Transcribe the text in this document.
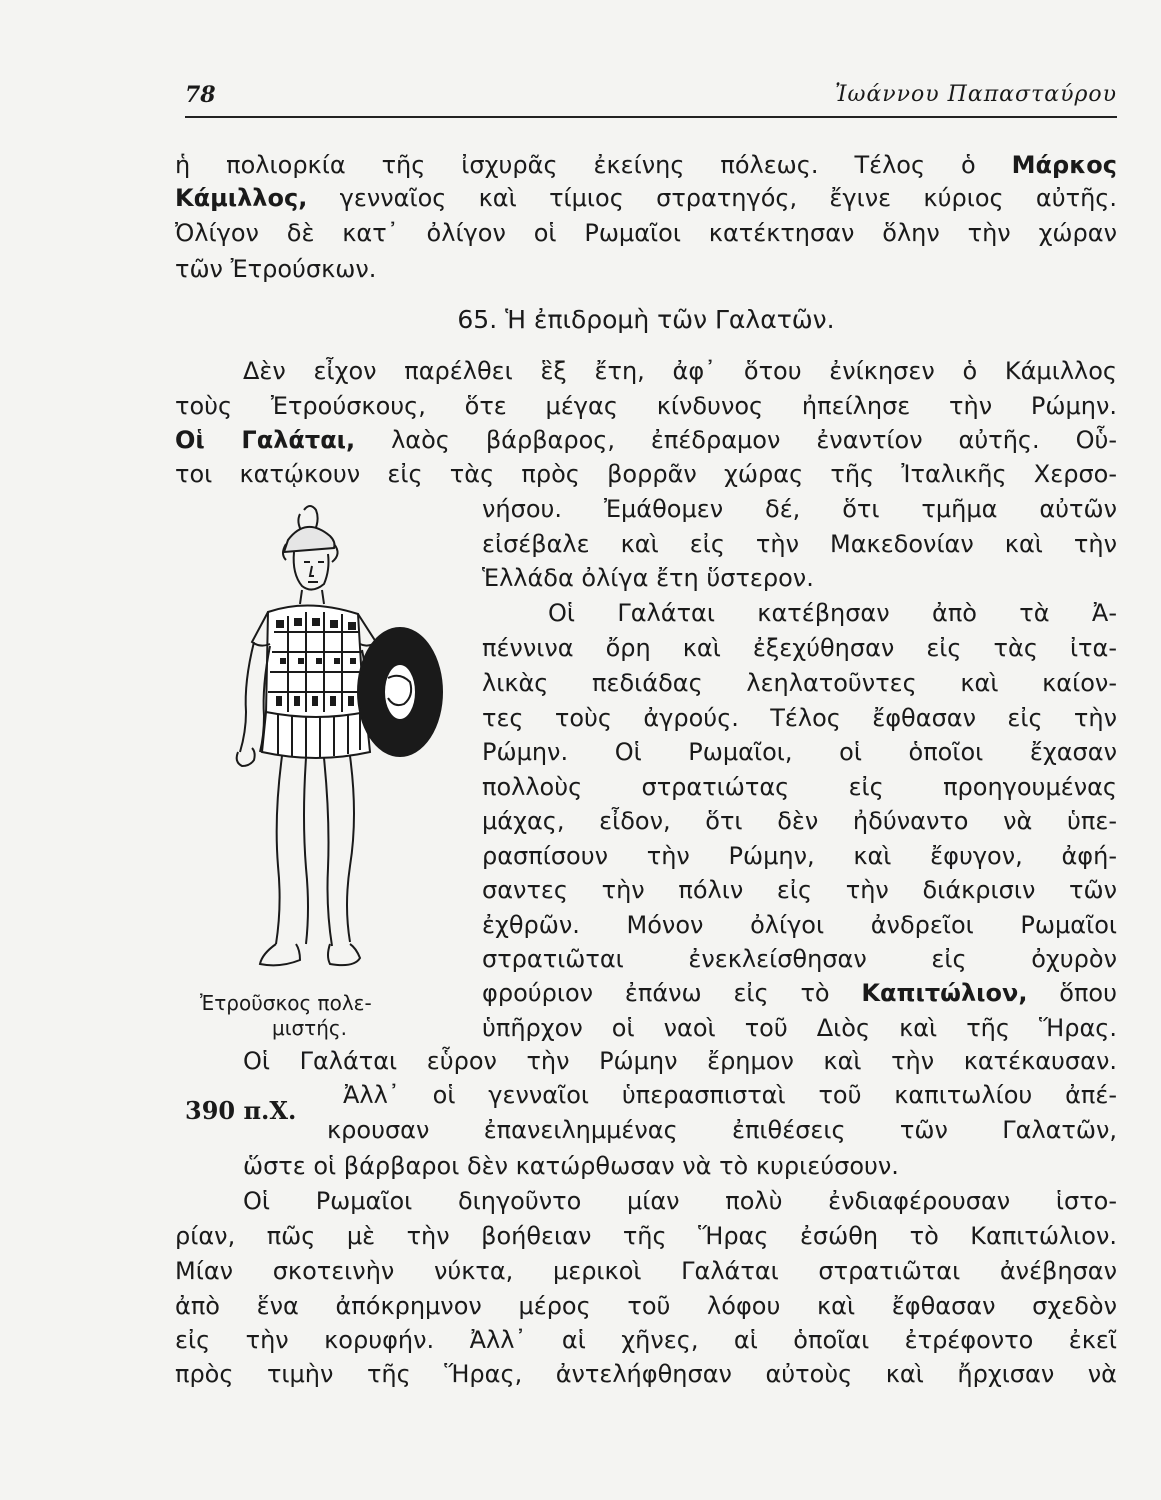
78	Ἰωάννου Παπασταύρου
ἡ πολιορκία τῆς ἰσχυρᾶς ἐκείνης πόλεως. Τέλος ὁ Μάρκος
Κάμιλλος, γενναῖος καὶ τίμιος στρατηγός, ἔγινε κύριος αὐτῆς.
Ὀλίγον δὲ κατ᾽ ὀλίγον οἱ Ρωμαῖοι κατέκτησαν ὅλην τὴν χώραν
τῶν Ἐτρούσκων.
65. Ἡ ἐπιδρομὴ τῶν Γαλατῶν.
Δὲν εἶχον παρέλθει ἓξ ἔτη, ἀφ᾽ ὅτου ἐνίκησεν ὁ Κάμιλλος
τοὺς Ἐτρούσκους, ὅτε μέγας κίνδυνος ἠπείλησε τὴν Ρώμην.
Οἱ Γαλάται, λαὸς βάρβαρος, ἐπέδραμον ἐναντίον αὐτῆς. Οὗ-
τοι κατῴκουν εἰς τὰς πρὸς βορρᾶν χώρας τῆς Ἰταλικῆς Χερσο-
νήσου. Ἐμάθομεν δέ, ὅτι τμῆμα αὐτῶν
εἰσέβαλε καὶ εἰς τὴν Μακεδονίαν καὶ τὴν
Ἑλλάδα ὀλίγα ἔτη ὕστερον.
Οἱ Γαλάται κατέβησαν ἀπὸ τὰ Ἀ-
πέννινα ὄρη καὶ ἐξεχύθησαν εἰς τὰς ἰτα-
λικὰς πεδιάδας λεηλατοῦντες καὶ καίον-
τες τοὺς ἀγρούς. Τέλος ἔφθασαν εἰς τὴν
Ρώμην. Οἱ Ρωμαῖοι, οἱ ὁποῖοι ἔχασαν
πολλοὺς στρατιώτας εἰς προηγουμένας
μάχας, εἶδον, ὅτι δὲν ἠδύναντο νὰ ὑπε-
ρασπίσουν τὴν Ρώμην, καὶ ἔφυγον, ἀφή-
σαντες τὴν πόλιν εἰς τὴν διάκρισιν τῶν
ἐχθρῶν. Μόνον ὀλίγοι ἀνδρεῖοι Ρωμαῖοι
στρατιῶται ἐνεκλείσθησαν εἰς ὀχυρὸν
φρούριον ἐπάνω εἰς τὸ Καπιτώλιον, ὅπου
ὑπῆρχον οἱ ναοὶ τοῦ Διὸς καὶ τῆς Ἥρας.
Οἱ Γαλάται εὗρον τὴν Ρώμην ἔρημον καὶ τὴν κατέκαυσαν.
390 π.Χ.
Ἀλλ᾽ οἱ γενναῖοι ὑπερασπισταὶ τοῦ καπιτωλίου ἀπέ-
κρουσαν ἐπανειλημμένας ἐπιθέσεις τῶν Γαλατῶν,
ὥστε οἱ βάρβαροι δὲν κατώρθωσαν νὰ τὸ κυριεύσουν.
Οἱ Ρωμαῖοι διηγοῦντο μίαν πολὺ ἐνδιαφέρουσαν ἱστο-
ρίαν, πῶς μὲ τὴν βοήθειαν τῆς Ἥρας ἐσώθη τὸ Καπιτώλιον.
Μίαν σκοτεινὴν νύκτα, μερικοὶ Γαλάται στρατιῶται ἀνέβησαν
ἀπὸ ἕνα ἀπόκρημνον μέρος τοῦ λόφου καὶ ἔφθασαν σχεδὸν
εἰς τὴν κορυφήν. Ἀλλ᾽ αἱ χῆνες, αἱ ὁποῖαι ἐτρέφοντο ἐκεῖ
πρὸς τιμὴν τῆς Ἥρας, ἀντελήφθησαν αὐτοὺς καὶ ἤρχισαν νὰ
Ἐτροῦσκος πολε-
μιστής.
